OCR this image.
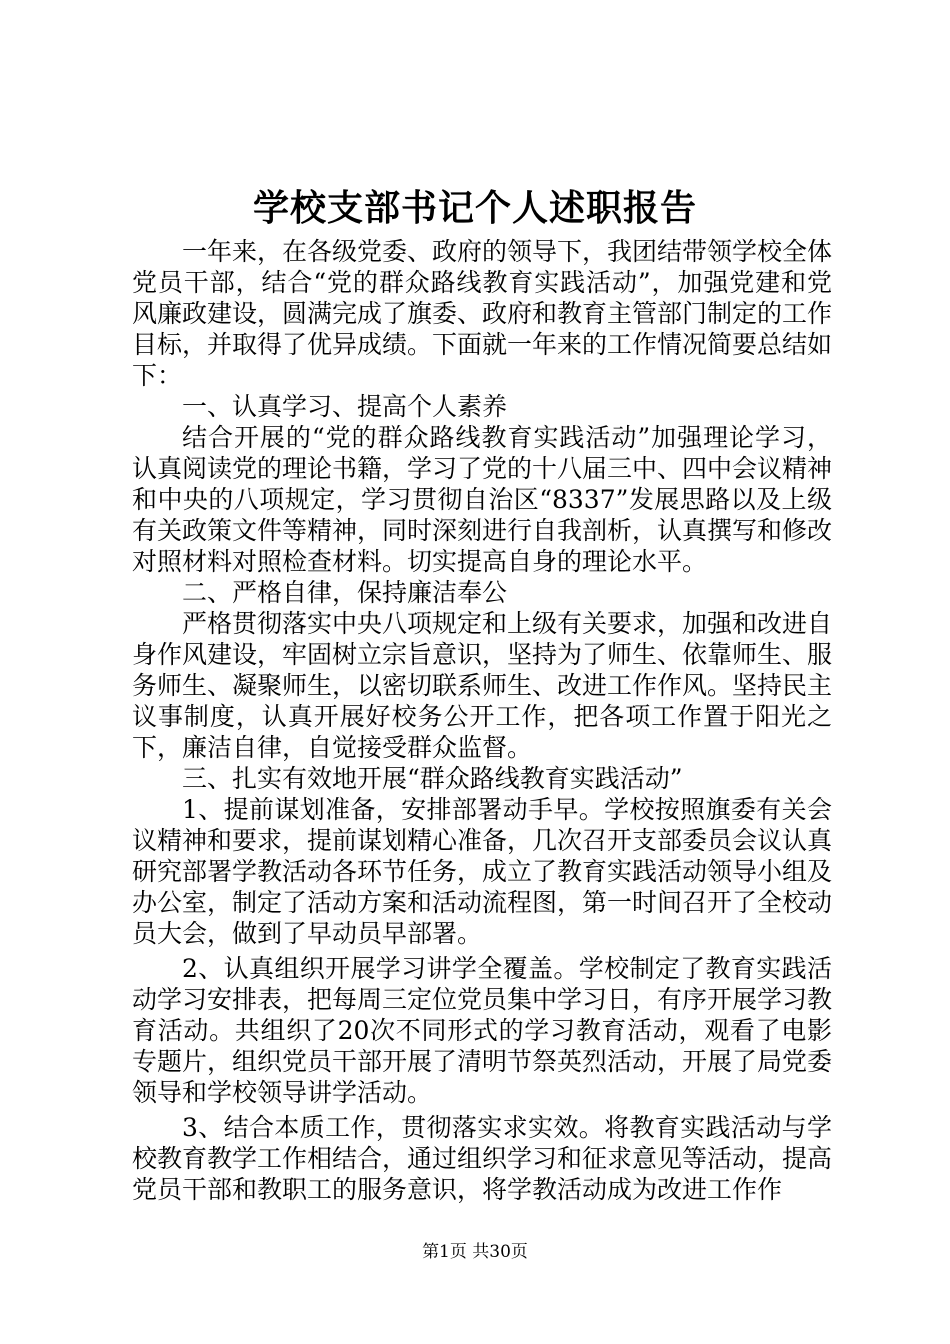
学校支部书记个人述职报告

一年来，在各级党委、政府的领导下，我团结带领学校全体党员干部，结合“党的群众路线教育实践活动”，加强党建和党风廉政建设，圆满完成了旗委、政府和教育主管部门制定的工作目标，并取得了优异成绩。下面就一年来的工作情况简要总结如下：

一、认真学习、提高个人素养

结合开展的“党的群众路线教育实践活动”加强理论学习，认真阅读党的理论书籍，学习了党的十八届三中、四中会议精神和中央的八项规定，学习贯彻自治区“8337”发展思路以及上级有关政策文件等精神，同时深刻进行自我剖析，认真撰写和修改对照材料对照检查材料。切实提高自身的理论水平。

二、严格自律，保持廉洁奉公

严格贯彻落实中央八项规定和上级有关要求，加强和改进自身作风建设，牢固树立宗旨意识，坚持为了师生、依靠师生、服务师生、凝聚师生，以密切联系师生、改进工作作风。坚持民主议事制度，认真开展好校务公开工作，把各项工作置于阳光之下，廉洁自律，自觉接受群众监督。

三、扎实有效地开展“群众路线教育实践活动”

1、提前谋划准备，安排部署动手早。学校按照旗委有关会议精神和要求，提前谋划精心准备，几次召开支部委员会议认真研究部署学教活动各环节任务，成立了教育实践活动领导小组及办公室，制定了活动方案和活动流程图，第一时间召开了全校动员大会，做到了早动员早部署。

2、认真组织开展学习讲学全覆盖。学校制定了教育实践活动学习安排表，把每周三定位党员集中学习日，有序开展学习教育活动。共组织了20次不同形式的学习教育活动，观看了电影专题片，组织党员干部开展了清明节祭英烈活动，开展了局党委领导和学校领导讲学活动。

3、结合本质工作，贯彻落实求实效。将教育实践活动与学校教育教学工作相结合，通过组织学习和征求意见等活动，提高党员干部和教职工的服务意识，将学教活动成为改进工作作

第1页 共30页
